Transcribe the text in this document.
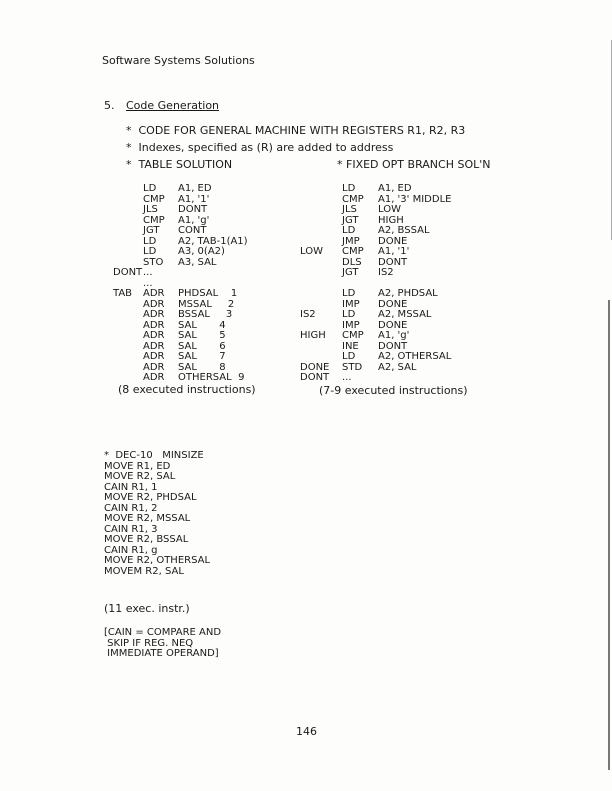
Software Systems Solutions
5. Code Generation
*  CODE FOR GENERAL MACHINE WITH REGISTERS R1, R2, R3
*  Indexes, specified as (R) are added to address
*  TABLE SOLUTION	* FIXED OPT BRANCH SOL'N
LD A1, ED
CMP A1, '1'
JLS DONT
CMP A1, 'g'
JGT CONT
LD A2, TAB-1(A1)
LD A3, 0(A2)
STO A3, SAL
DONT ...
...
TAB ADR PHDSAL    1
ADR MSSAL     2
ADR BSSAL     3
ADR SAL       4
ADR SAL       5
ADR SAL       6
ADR SAL       7
ADR SAL       8
ADR OTHERSAL  9
(8 executed instructions)
LD A1, ED
CMP A1, '3' MIDDLE
JLS LOW
JGT HIGH
LD A2, BSSAL
JMP DONE
LOW CMP A1, '1'
DLS DONT
JGT IS2
LD A2, PHDSAL
IMP DONE
IS2	LD A2, MSSAL
IMP DONE
HIGH CMP A1, 'g'
INE DONT
LD A2, OTHERSAL
DONE STD A2, SAL
DONT ...
(7-9 executed instructions)
*  DEC-10   MINSIZE
MOVE R1, ED
MOVE R2, SAL
CAIN R1, 1
MOVE R2, PHDSAL
CAIN R1, 2
MOVE R2, MSSAL
CAIN R1, 3
MOVE R2, BSSAL
CAIN R1, g
MOVE R2, OTHERSAL
MOVEM R2, SAL
(11 exec. instr.)
[CAIN = COMPARE AND
SKIP IF REG. NEQ
IMMEDIATE OPERAND]
146
